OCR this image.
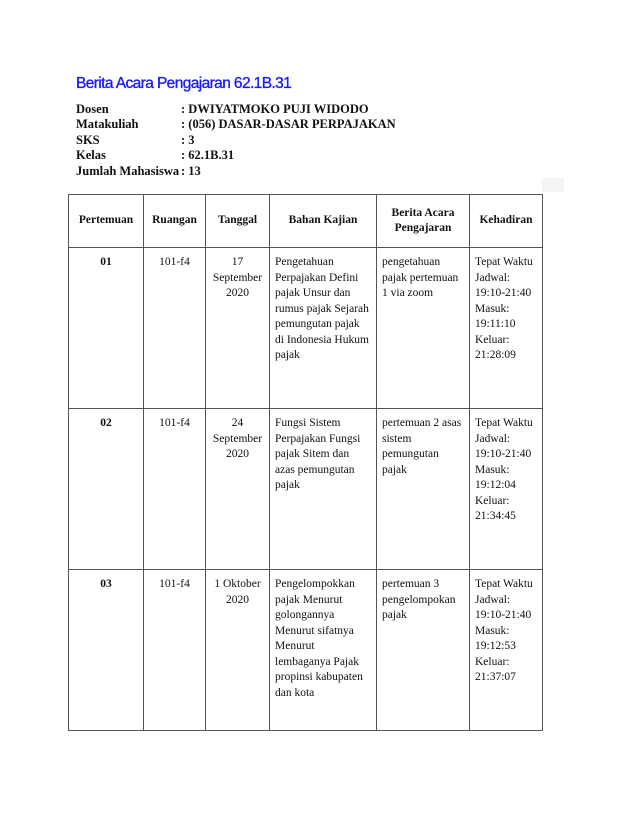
Berita Acara Pengajaran 62.1B.31
Dosen	: DWIYATMOKO PUJI WIDODO
Matakuliah	: (056) DASAR-DASAR PERPAJAKAN
SKS	: 3
Kelas	: 62.1B.31
Jumlah Mahasiswa : 13
Pertemuan	Ruangan	Tanggal	Bahan Kajian	Berita Acara Pengajaran	Kehadiran
01	101-f4	17 September 2020	Pengetahuan Perpajakan Defini pajak Unsur dan rumus pajak Sejarah pemungutan pajak di Indonesia Hukum pajak	pengetahuan pajak pertemuan 1 via zoom	Tepat Waktu Jadwal: 19:10-21:40 Masuk: 19:11:10 Keluar: 21:28:09
02	101-f4	24 September 2020	Fungsi Sistem Perpajakan Fungsi pajak Sitem dan azas pemungutan pajak	pertemuan 2 asas sistem pemungutan pajak	Tepat Waktu Jadwal: 19:10-21:40 Masuk: 19:12:04 Keluar: 21:34:45
03	101-f4	1 Oktober 2020	Pengelompokkan pajak Menurut golongannya Menurut sifatnya Menurut lembaganya Pajak propinsi kabupaten dan kota	pertemuan 3 pengelompokan pajak	Tepat Waktu Jadwal: 19:10-21:40 Masuk: 19:12:53 Keluar: 21:37:07
